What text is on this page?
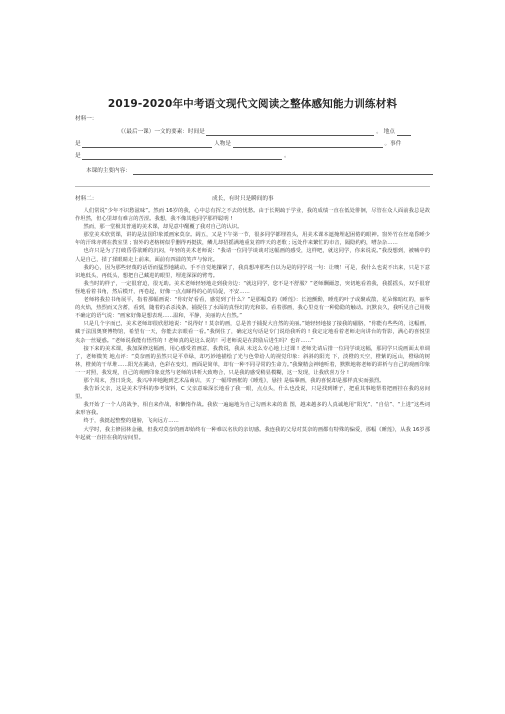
2019-2020年中考语文现代文阅读之整体感知能力训练材料
材料一：
《（最后一课）一文的要素：时间是	。 地点
是	人物是	。事件
是	。
本课的主要内容：
材料二：	成长，有时只是瞬间的事
人们常说“少年不识愁滋味”。然而 16岁的我，心中总有挥之不去的忧愁。由于长期疏于学业，我的成绩一直在低处徘徊，尽管在众人面前我总是故作坦然，但心里却有难言的苦涩。我想，我不像其他同学那样聪明 !
然而，那一堂极其普通的美术课，却见意中醒覆了我对自己的认识。
那堂美术欣赏课，讲的是法国印象派画家莫奈。阔五，又是下午第一节，很多同学都埋着头，用美术课本遮掩埋起困倦的眼神。窗外竹在丝毫昏睡少年的汗珠亦薄在教室里 ; 窗外的老榕树似乎删得再挺拔，鳞儿却招摇满地重复着昨天的老歌 ; 远处作来繁忙的市音，隔隐约约，嘈杂杂……
也许只是为了打破昏昏欲睡的沉闷，年轻的美术老师说：“我请一位同学谈谈对这幅画的感受，这样吧，就这同学，你来说说。”我没想到，被喊中的人是自己，揉了揉眼睛走上前来，面前有四溢的笑声与惊诧。
我的心，因为那些轻蔑的话语而猛烈地跳动。手不自觉地攥紧了，我真想冲那些自以为是的同学说一句：让噢！可是，我什么也说不出来，只是下意识地低头，再低头，想把自己藏进的眼里，埋进深深的臂弯。
我当时的样子，一定很窘迫，很无助。美术老师轻轻地走到我旁边：“就这同学，您不是不舒服？”老师酬爾忽，突切地看着我，我摇摇头，双手很窘怪地看着书角，然后模开，再卷起，好像一点点睇得的心的局促，不安……
老师将我拉书角展平，指着那幅画说：“你好好看看，感觉到了什么？”是那幅莫的《睡莲》：长池颤勳，睡莲的叶子或聚或散，花朵像暗红的，丽华的火焰，热烈而又含蓄，看到，随着的杀杀浅条，捕捉住了水面的真怪幻的光和影。看着那画，我心里竟有一种隐隐的触动。沉默良久，我听见自己用极不确定的语气说：“画家好像是想表现……温和，平静，美丽的大自然。”
只是几个字而已，美术老师却很欣慰地说：“说得好 ! 莫奈的画，总是善于捕捉大自然的美丽。”她轻轻地接了接我的磁胳，“你能有些些的，这幅画，藏于法国奥赛博物馆，希望有一天，你能去亲眼看一看。”我倒住了，确定这句话是专门说给我听的 ! 我定定地看着老师走向讲台的背影，满心的喜悦里夹杂一丝疑惑。“老师说我能有悟性的 ! 老师真的是这么说的！可老师说是在鼓励后进生吗？也许……”
接下来的美术课，我加深修这幅画，用心感受着画意，我教说，我从 未这么专心地上过课 ! 老师先请后排一位同学谈这幅，那同学只说画面太单调了，老师微笑 地点评：“莫奈画的虽然只是平草绿，却巧妙地描绘了光与色带给人的视觉印象：斜斜的阳光 下，淡橙的天空，橙紫的远山，橙绿的树林，橙黄的干草堆……阳光在跳动，色彩在变幻，画面是简单，却有一种不同寻常的生命力。”我聚精会神地听着，默默地将老师的讲析与自己的观画印象一一对照，我发现，自己的观画印象竟然与老师的讲析大致吻合，只是我的感受稍显模糊，这一发现，让我欣喜万分 !
那个周末，烈日炎炎，我兴冲冲地跑到艺术品商店，买了一幅带画框的《睡莲》，悬挂 是临摹画，我的喜悦却是那样真实而强烈。
我告诉父亲，这是美术学科的参考资料，C 父亲意味深长地看了我一眼，点点头，什么也没说，只是找到锤子，把重其事地帮着把画挂在我的房间里。
我开始了一个人的战争，相自来作战，和懒惰作战。我依一遍遍地为自己勾画未来的蓝 图，越来越多的人真诚地用“阳光”、“自信”、“上进”这些词来形容我。
终于，我挺起整整的翅膀，飞向远方……
大学时，我主修园林金融，但我对莫奈的画却始终有一种难以名状的亲切感。我连我的父母对莫奈的画都有特殊的偏爱，那幅《睡莲》，从我 16岁那年起就一直挂在我的房间里。
